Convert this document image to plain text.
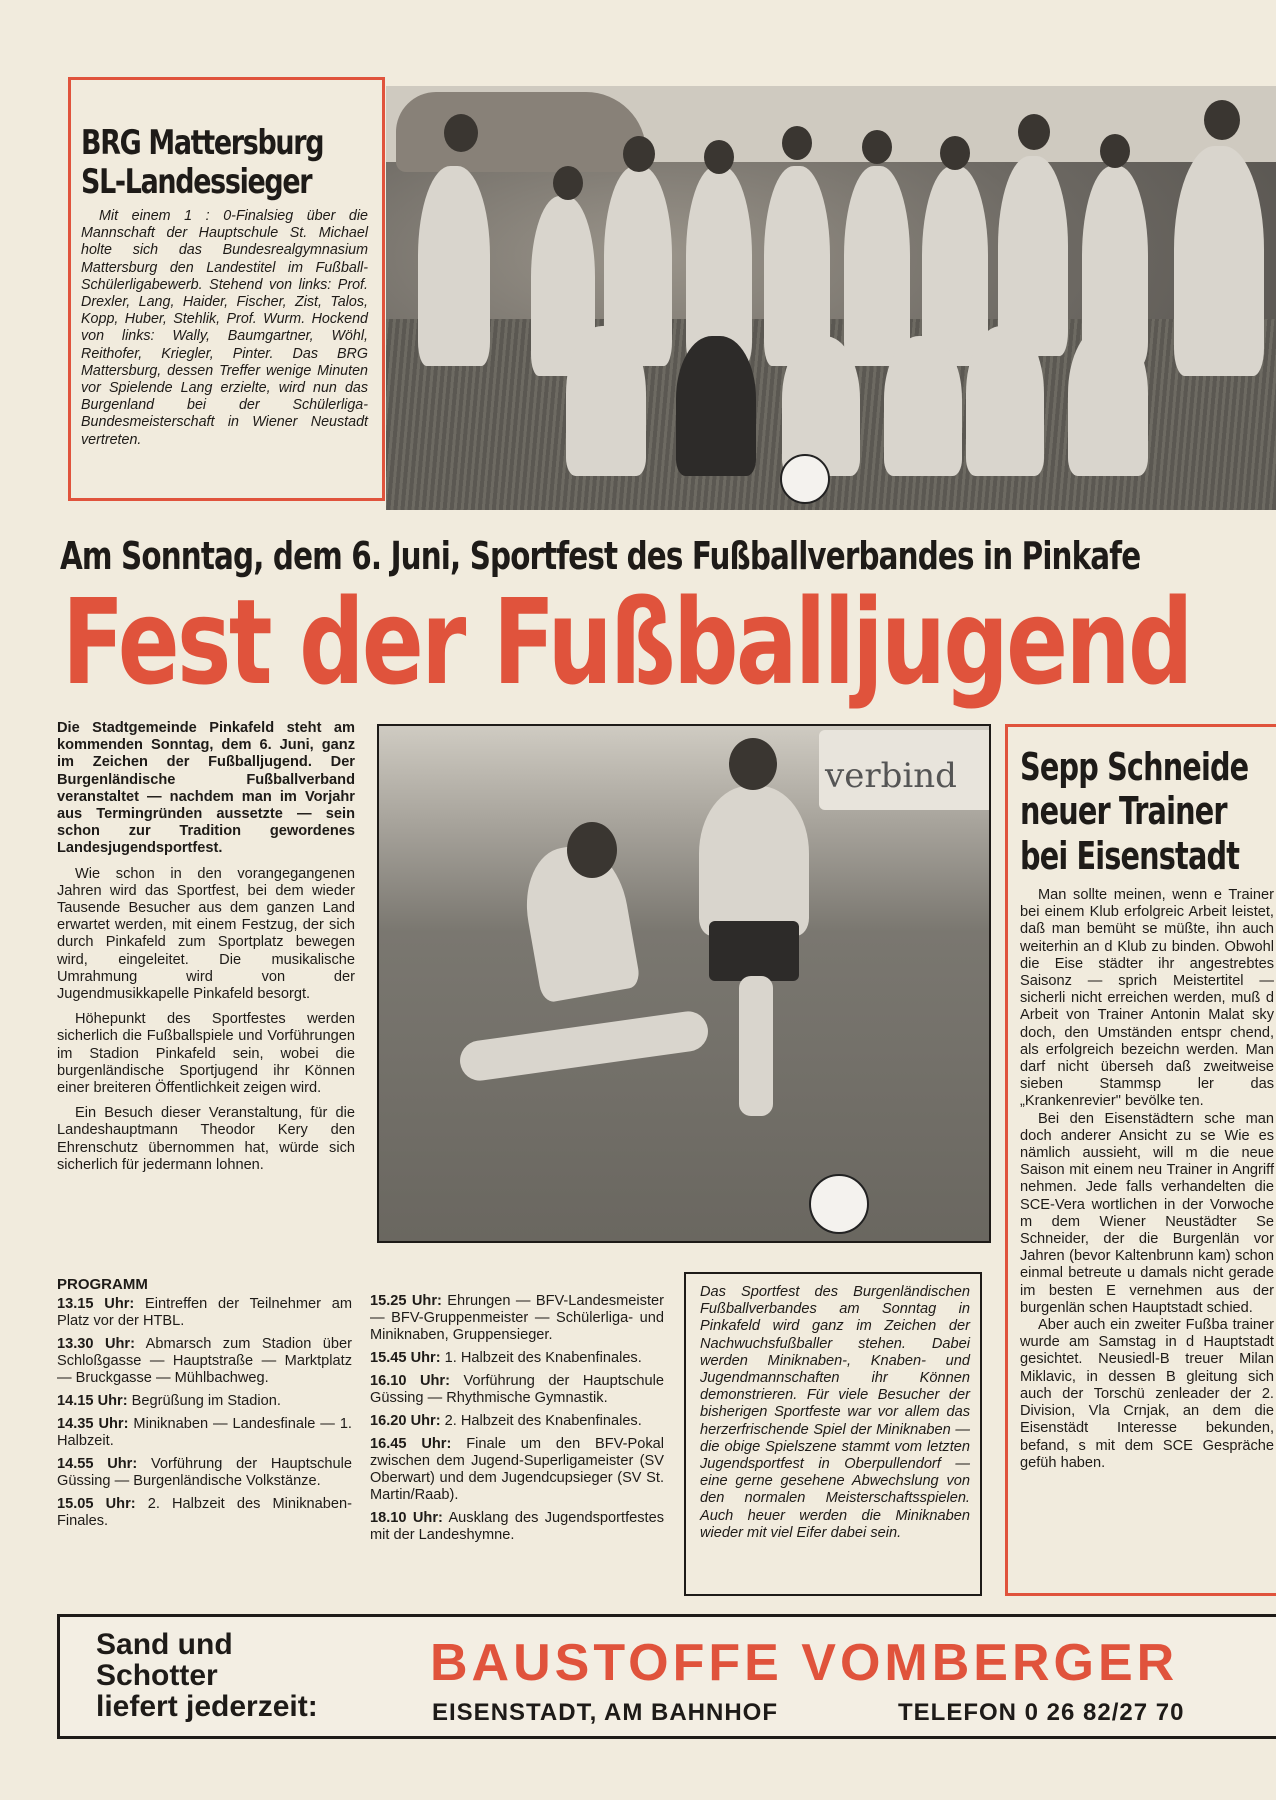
BRG Mattersburg
SL-Landessieger
Mit einem 1 : 0-Finalsieg über die Mannschaft der Hauptschule St. Michael holte sich das Bundesrealgymnasium Mattersburg den Landestitel im Fußball-Schülerligabewerb. Stehend von links: Prof. Drexler, Lang, Haider, Fischer, Zist, Talos, Kopp, Huber, Stehlik, Prof. Wurm. Hockend von links: Wally, Baumgartner, Wöhl, Reithofer, Kriegler, Pinter. Das BRG Mattersburg, dessen Treffer wenige Minuten vor Spielende Lang erzielte, wird nun das Burgenland bei der Schülerliga-Bundesmeisterschaft in Wiener Neustadt vertreten.
Am Sonntag, dem 6. Juni, Sportfest des Fußballverbandes in Pinkafe
Fest der Fußballjugend

Die Stadtgemeinde Pinkafeld steht am kommenden Sonntag, dem 6. Juni, ganz im Zeichen der Fußballjugend. Der Burgenländische Fußballverband veranstaltet — nachdem man im Vorjahr aus Termingründen aussetzte — sein schon zur Tradition gewordenes Landesjugendsportfest.

Wie schon in den vorangegangenen Jahren wird das Sportfest, bei dem wieder Tausende Besucher aus dem ganzen Land erwartet werden, mit einem Festzug, der sich durch Pinkafeld zum Sportplatz bewegen wird, eingeleitet. Die musikalische Umrahmung wird von der Jugendmusikkapelle Pinkafeld besorgt.

Höhepunkt des Sportfestes werden sicherlich die Fußballspiele und Vorführungen im Stadion Pinkafeld sein, wobei die burgenländische Sportjugend ihr Können einer breiteren Öffentlichkeit zeigen wird.

Ein Besuch dieser Veranstaltung, für die Landeshauptmann Theodor Kery den Ehrenschutz übernommen hat, würde sich sicherlich für jedermann lohnen.

PROGRAMM

13.15 Uhr: Eintreffen der Teilnehmer am Platz vor der HTBL.

13.30 Uhr: Abmarsch zum Stadion über Schloßgasse — Hauptstraße — Marktplatz — Bruckgasse — Mühlbachweg.

14.15 Uhr: Begrüßung im Stadion.

14.35 Uhr: Miniknaben — Landesfinale — 1. Halbzeit.

14.55 Uhr: Vorführung der Hauptschule Güssing — Burgenländische Volkstänze.

15.05 Uhr: 2. Halbzeit des Miniknaben-Finales.

15.25 Uhr: Ehrungen — BFV-Landesmeister — BFV-Gruppenmeister — Schülerliga- und Miniknaben, Gruppensieger.

15.45 Uhr: 1. Halbzeit des Knabenfinales.

16.10 Uhr: Vorführung der Hauptschule Güssing — Rhythmische Gymnastik.

16.20 Uhr: 2. Halbzeit des Knabenfinales.

16.45 Uhr: Finale um den BFV-Pokal zwischen dem Jugend-Superligameister (SV Oberwart) und dem Jugendcupsieger (SV St. Martin/Raab).

18.10 Uhr: Ausklang des Jugendsportfestes mit der Landeshymne.

verbind
Das Sportfest des Burgenländischen Fußballverbandes am Sonntag in Pinkafeld wird ganz im Zeichen der Nachwuchsfußballer stehen. Dabei werden Miniknaben-, Knaben- und Jugendmannschaften ihr Können demonstrieren. Für viele Besucher der bisherigen Sportfeste war vor allem das herzerfrischende Spiel der Miniknaben — die obige Spielszene stammt vom letzten Jugendsportfest in Oberpullendorf — eine gerne gesehene Abwechslung von den normalen Meisterschaftsspielen. Auch heuer werden die Miniknaben wieder mit viel Eifer dabei sein.
Sepp Schneide
neuer Trainer
bei Eisenstadt

Man sollte meinen, wenn e Trainer bei einem Klub erfolgreic Arbeit leistet, daß man bemüht se müßte, ihn auch weiterhin an d Klub zu binden. Obwohl die Eise städter ihr angestrebtes Saisonz — sprich Meistertitel — sicherli nicht erreichen werden, muß d Arbeit von Trainer Antonin Malat sky doch, den Umständen entspr chend, als erfolgreich bezeichn werden. Man darf nicht überseh daß zweitweise sieben Stammsp ler das „Krankenrevier" bevölke ten.

Bei den Eisenstädtern sche man doch anderer Ansicht zu se Wie es nämlich aussieht, will m die neue Saison mit einem neu Trainer in Angriff nehmen. Jede falls verhandelten die SCE-Vera wortlichen in der Vorwoche m dem Wiener Neustädter Se Schneider, der die Burgenlän vor Jahren (bevor Kaltenbrunn kam) schon einmal betreute u damals nicht gerade im besten E vernehmen aus der burgenlän schen Hauptstadt schied.

Aber auch ein zweiter Fußba trainer wurde am Samstag in d Hauptstadt gesichtet. Neusiedl-B treuer Milan Miklavic, in dessen B gleitung sich auch der Torschü zenleader der 2. Division, Vla Crnjak, an dem die Eisenstädt Interesse bekunden, befand, s mit dem SCE Gespräche gefüh haben.

Sand und
Schotter
liefert jederzeit:
BAUSTOFFE VOMBERGER
EISENSTADT, AM BAHNHOF	TELEFON 0 26 82/27 70
